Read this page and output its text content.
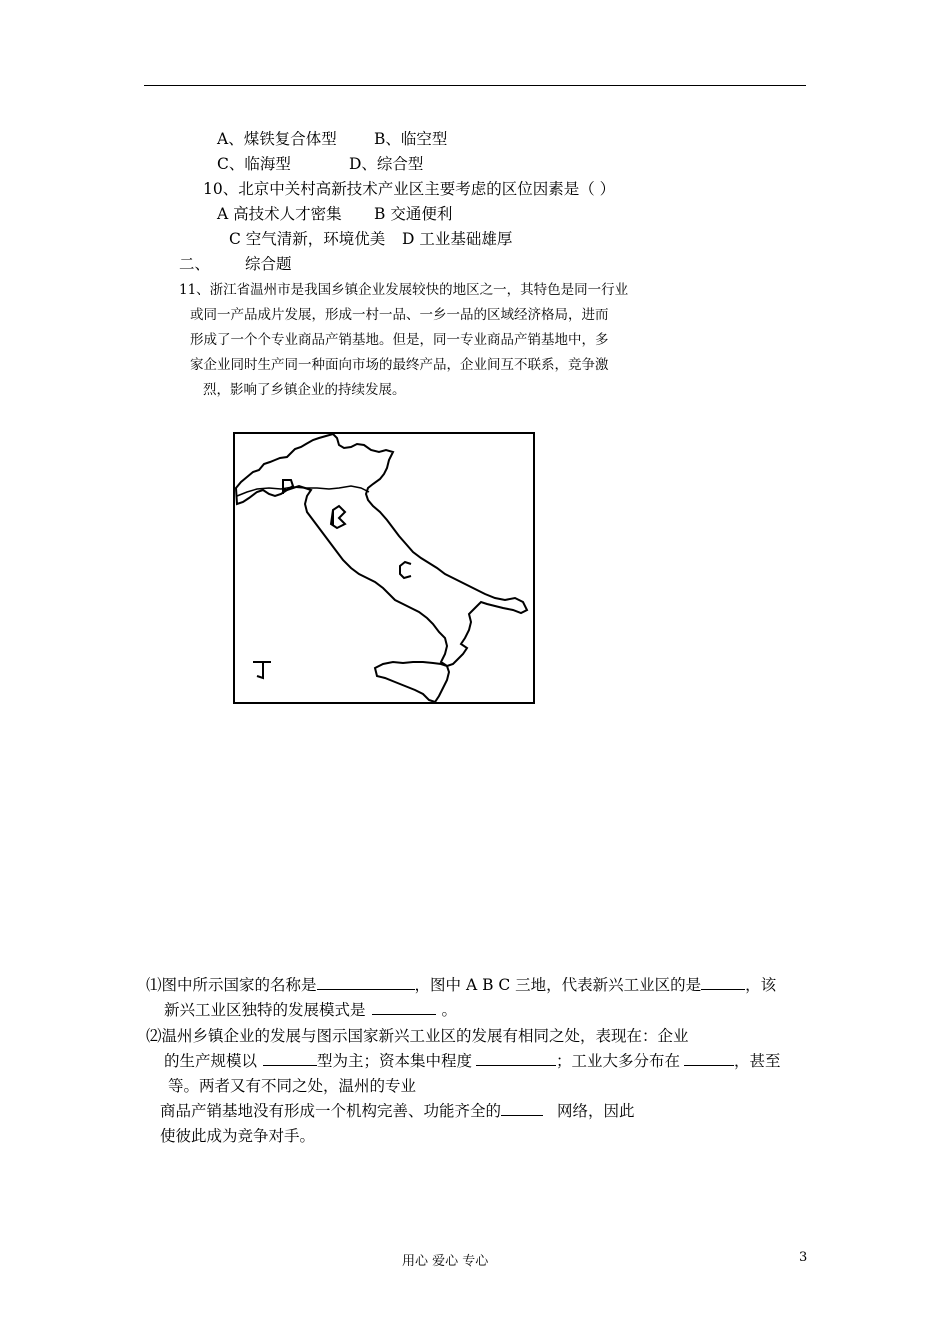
A、煤铁复合体型 B、临空型
C、临海型	D、综合型
10、北京中关村高新技术产业区主要考虑的区位因素是（ ）
A 高技术人才密集 B 交通便利
C 空气清新，环境优美 D 工业基础雄厚
二、 综合题
11、浙江省温州市是我国乡镇企业发展较快的地区之一，其特色是同一行业
或同一产品成片发展，形成一村一品、一乡一品的区域经济格局，进而
形成了一个个专业商品产销基地。但是，同一专业商品产销基地中，多
家企业同时生产同一种面向市场的最终产品，企业间互不联系，竞争激
烈，影响了乡镇企业的持续发展。
⑴图中所示国家的名称是	，图中 A B C 三地，代表新兴工业区的是	，该
新兴工业区独特的发展模式是	。
⑵温州乡镇企业的发展与图示国家新兴工业区的发展有相同之处，表现在：企业
的生产规模以	型为主；资本集中程度	；工业大多分布在	，甚至
等。两者又有不同之处，温州的专业
商品产销基地没有形成一个机构完善、功能齐全的	网络，因此
使彼此成为竞争对手。
用心 爱心 专心	3
